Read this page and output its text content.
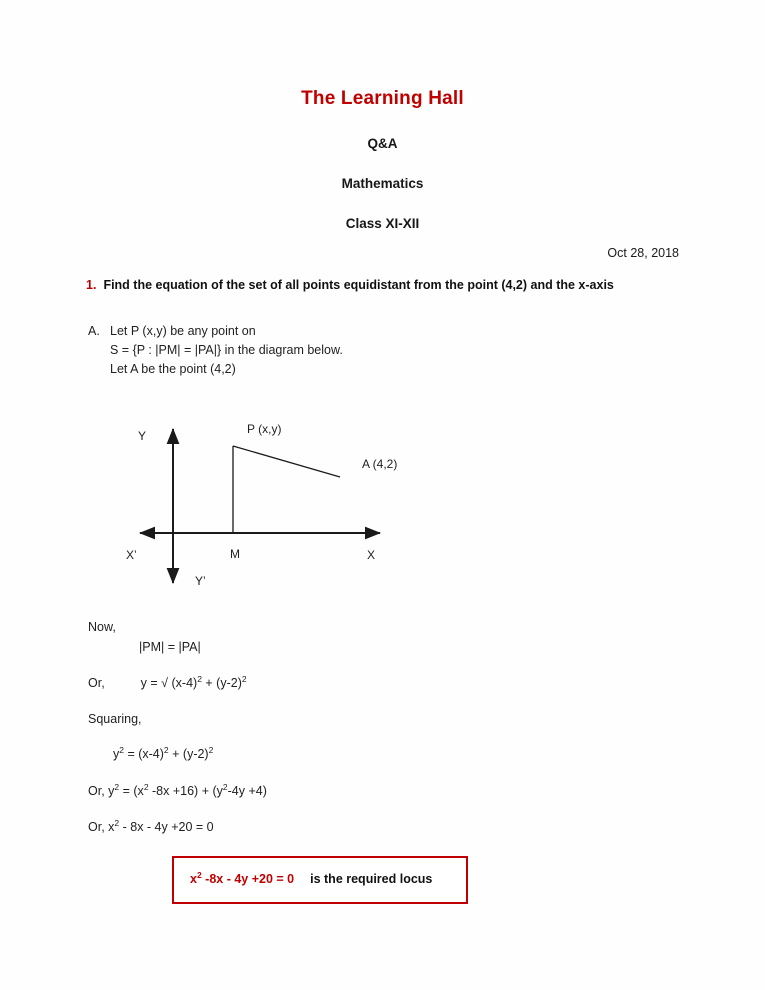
The Learning Hall
Q&A
Mathematics
Class XI-XII
Oct 28, 2018
1. Find the equation of the set of all points equidistant from the point (4,2) and the x-axis
A. Let P (x,y) be any point on
S = {P : |PM| = |PA|} in the diagram below.
Let A be the point (4,2)
Y
Y’
X’	X
M
P (x,y)
A (4,2)
Now,
|PM| = |PA|
Or,	y = √ $(x-4)^2 + (y-2)^2$
Squaring,
$y^2 = (x-4)^2 + (y-2)^2$
Or, $y^2 = (x^2$ $-8x +16) + (y^2-4y +4)$
Or, $x^2 - 8x - 4y +20 = 0$
$x^2$ -8x - 4y +20 = 0 is the required locus
